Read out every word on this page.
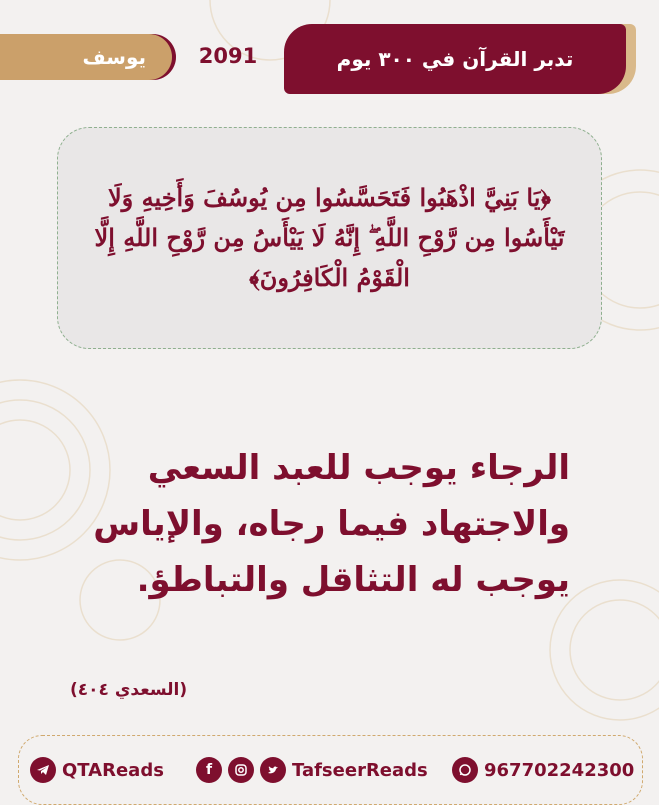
تدبر القرآن في ٣٠٠ يوم
2091
يوسف

﴿يَا بَنِيَّ اذْهَبُوا فَتَحَسَّسُوا مِن يُوسُفَ وَأَخِيهِ وَلَا تَيْأَسُوا مِن رَّوْحِ اللَّهِ ۖ إِنَّهُ لَا يَيْأَسُ مِن رَّوْحِ اللَّهِ إِلَّا الْقَوْمُ الْكَافِرُونَ﴾

الرجاء يوجب للعبد السعي
والاجتهاد فيما رجاه، والإياس
يوجب له التثاقل والتباطؤ.
(السعدي ٤٠٤)
QTAReads	f	TafseerReads	967702242300
